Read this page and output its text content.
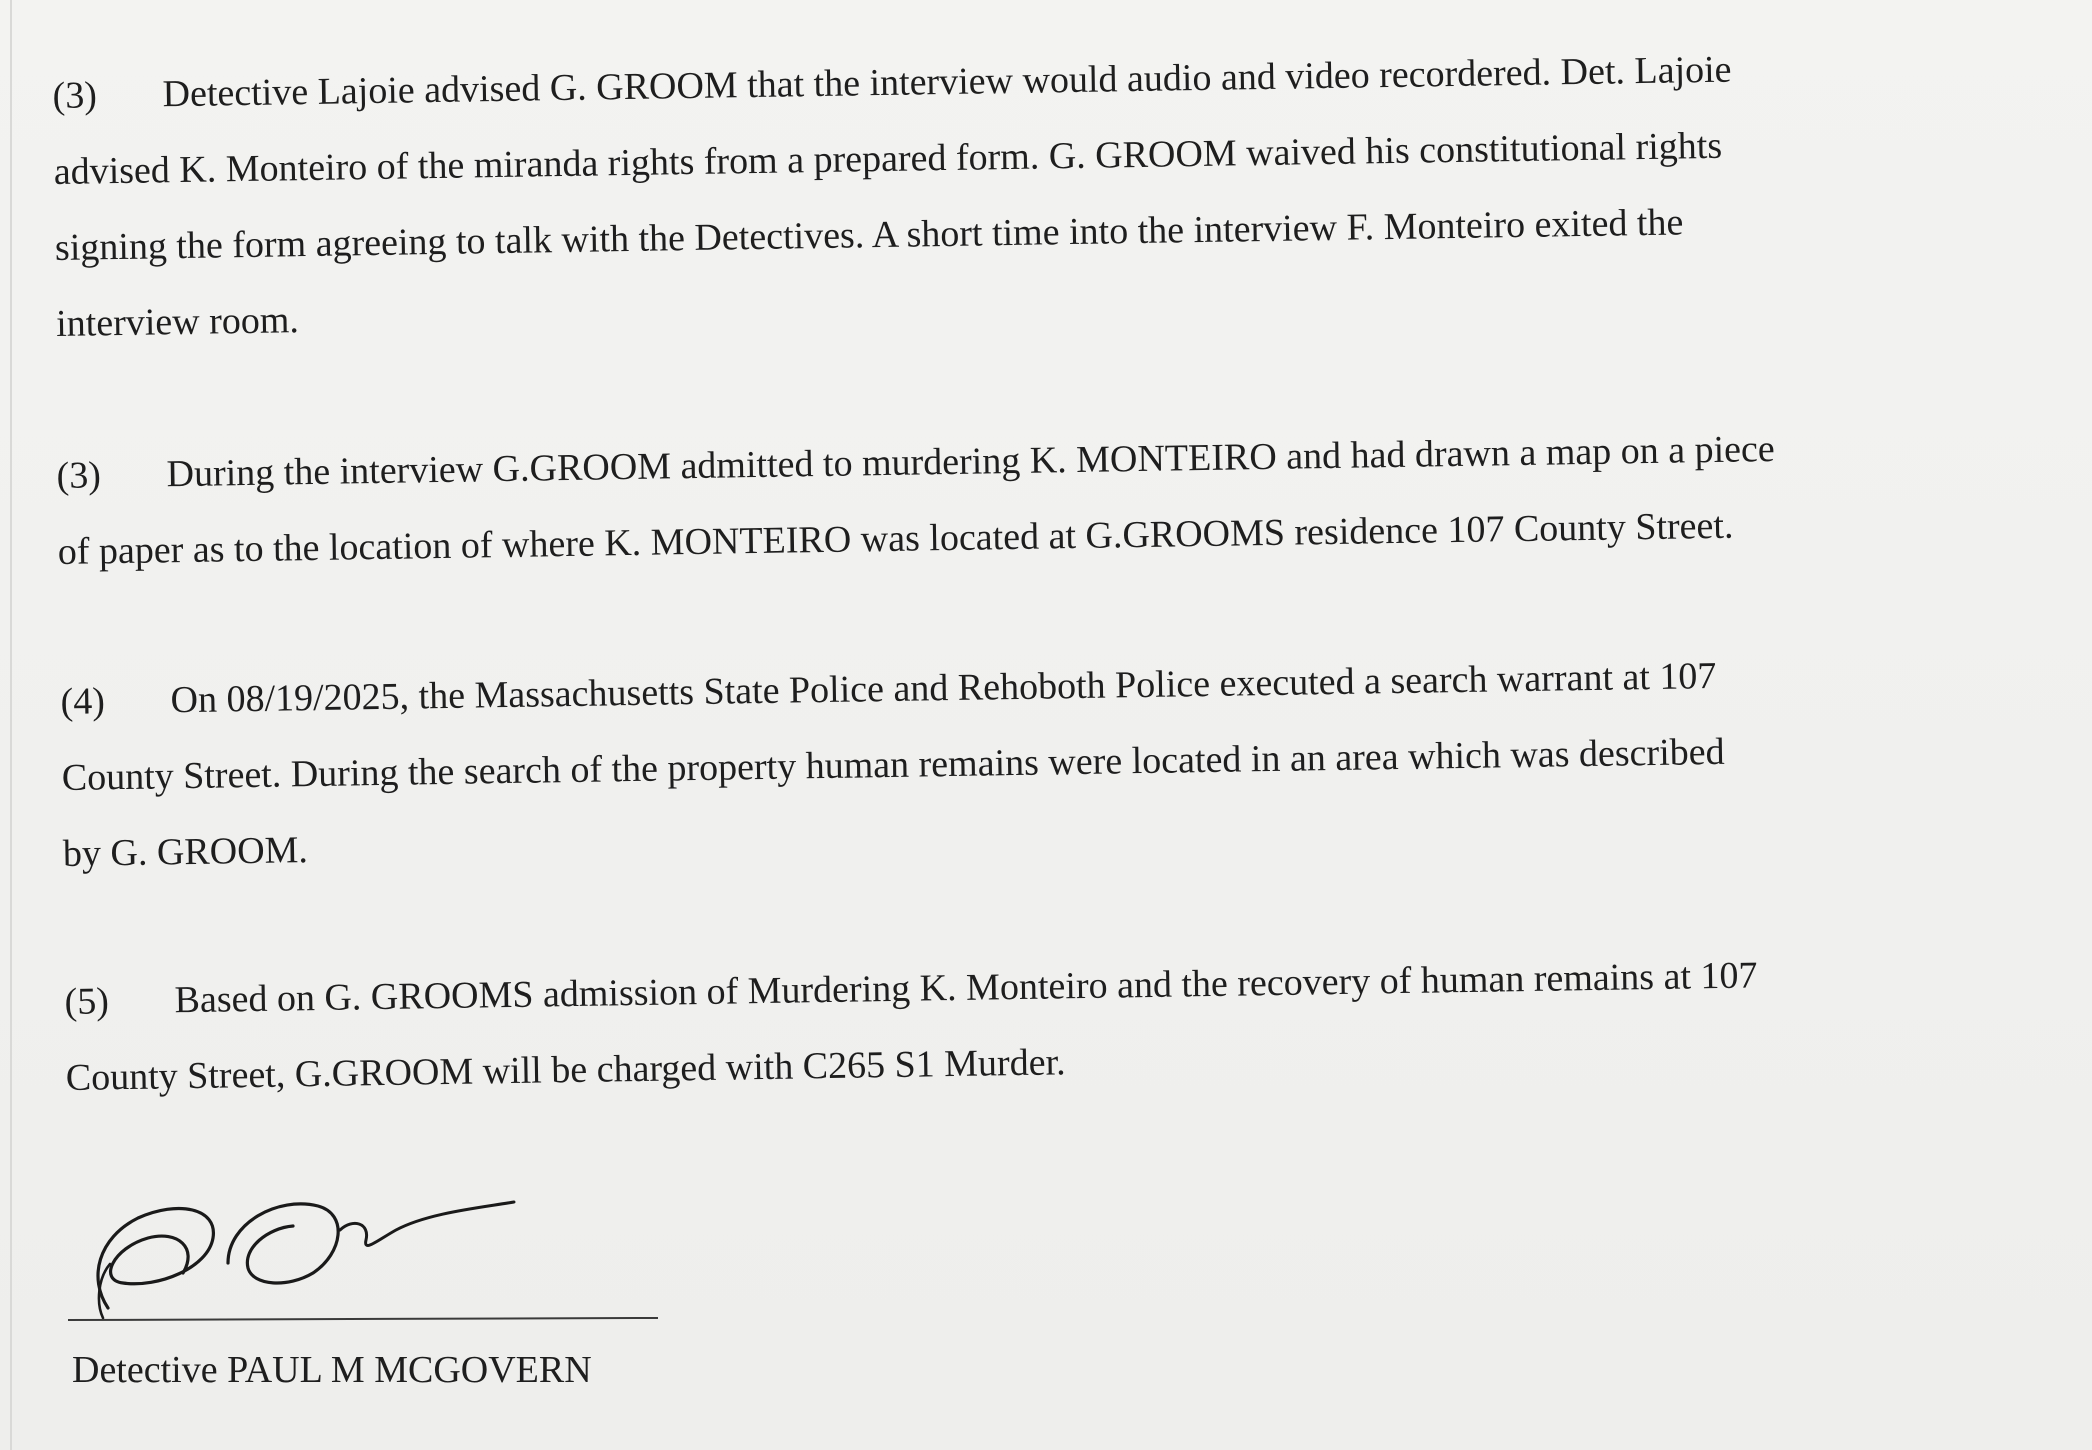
(3) Detective Lajoie advised G. GROOM that the interview would audio and video recordered. Det. Lajoie
advised K. Monteiro of the miranda rights from a prepared form. G. GROOM waived his constitutional rights
signing the form agreeing to talk with the Detectives. A short time into the interview F. Monteiro exited the
interview room.
(3) During the interview G.GROOM admitted to murdering K. MONTEIRO and had drawn a map on a piece
of paper as to the location of where K. MONTEIRO was located at G.GROOMS residence 107 County Street.
(4) On 08/19/2025, the Massachusetts State Police and Rehoboth Police executed a search warrant at 107
County Street. During the search of the property human remains were located in an area which was described
by G. GROOM.
(5) Based on G. GROOMS admission of Murdering K. Monteiro and the recovery of human remains at 107
County Street, G.GROOM will be charged with C265 S1 Murder.
Detective PAUL M MCGOVERN
